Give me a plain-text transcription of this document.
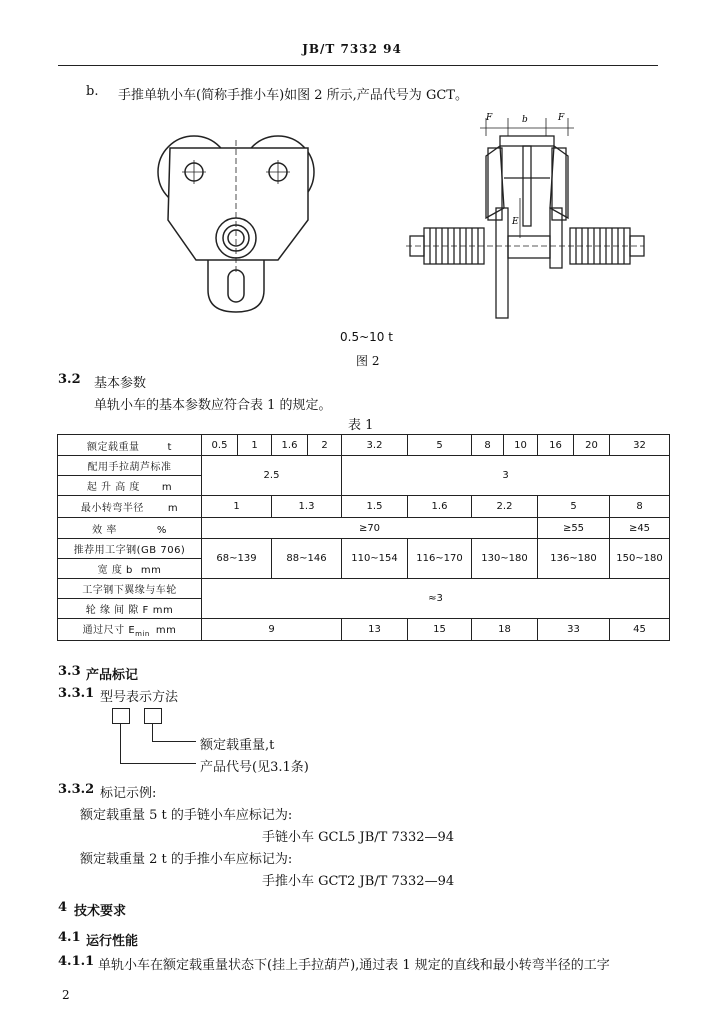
JB/T 7332 94
b. 手推单轨小车(简称手推小车)如图 2 所示,产品代号为 GCT。
F	b	F
E
0.5~10 t
图 2
3.2 基本参数
单轨小车的基本参数应符合表 1 的规定。
表 1
额定载重量 t	0.5	1	1.6	2	3.2	5	8	10	16	20	32
配用手拉葫芦标准	2.5				3						
起 升 高 度 m											
最小转弯半径 m	1		1.3		1.5	1.6	2.2		5		8
效 率 %	≥70								≥55		≥45
推荐用工字钢(GB 706)	68~139		88~146		110~154	116~170	130~180		136~180		150~180
宽 度 b mm											
工字钢下翼缘与车轮	≈3										
轮 缘 间 隙 F mm											
通过尺寸 $E_{min}$ mm	9				13	15	18		33		45
3.3 产品标记
3.3.1 型号表示方法
额定载重量,t
产品代号(见3.1条)
3.3.2 标记示例:
额定载重量 5 t 的手链小车应标记为:
手链小车 GCL5 JB/T 7332—94
额定载重量 2 t 的手推小车应标记为:
手推小车 GCT2 JB/T 7332—94
4 技术要求
4.1 运行性能
4.1.1 单轨小车在额定载重量状态下(挂上手拉葫芦),通过表 1 规定的直线和最小转弯半径的工字
2
